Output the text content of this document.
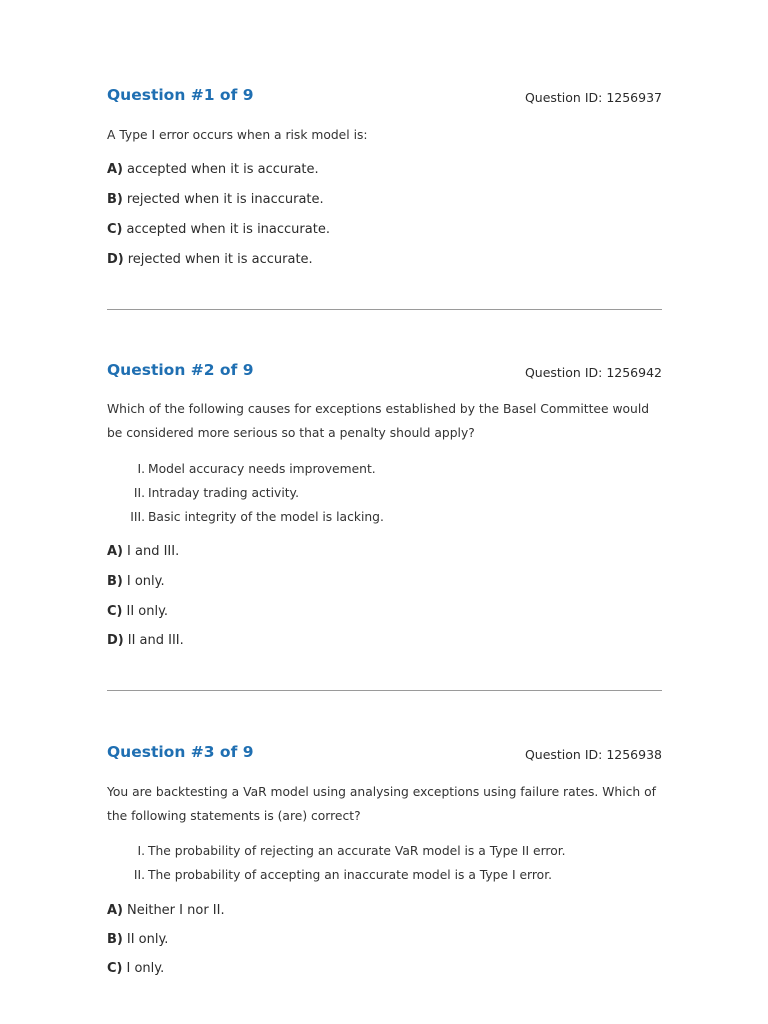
Question #1 of 9	Question ID: 1256937
A Type I error occurs when a risk model is:
A) accepted when it is accurate.
B) rejected when it is inaccurate.
C) accepted when it is inaccurate.
D) rejected when it is accurate.
Question #2 of 9	Question ID: 1256942
Which of the following causes for exceptions established by the Basel Committee would be considered more serious so that a penalty should apply?
I. Model accuracy needs improvement.
II. Intraday trading activity.
III. Basic integrity of the model is lacking.
A) I and III.
B) I only.
C) II only.
D) II and III.
Question #3 of 9	Question ID: 1256938
You are backtesting a VaR model using analysing exceptions using failure rates. Which of the following statements is (are) correct?
I. The probability of rejecting an accurate VaR model is a Type II error.
II. The probability of accepting an inaccurate model is a Type I error.
A) Neither I nor II.
B) II only.
C) I only.
